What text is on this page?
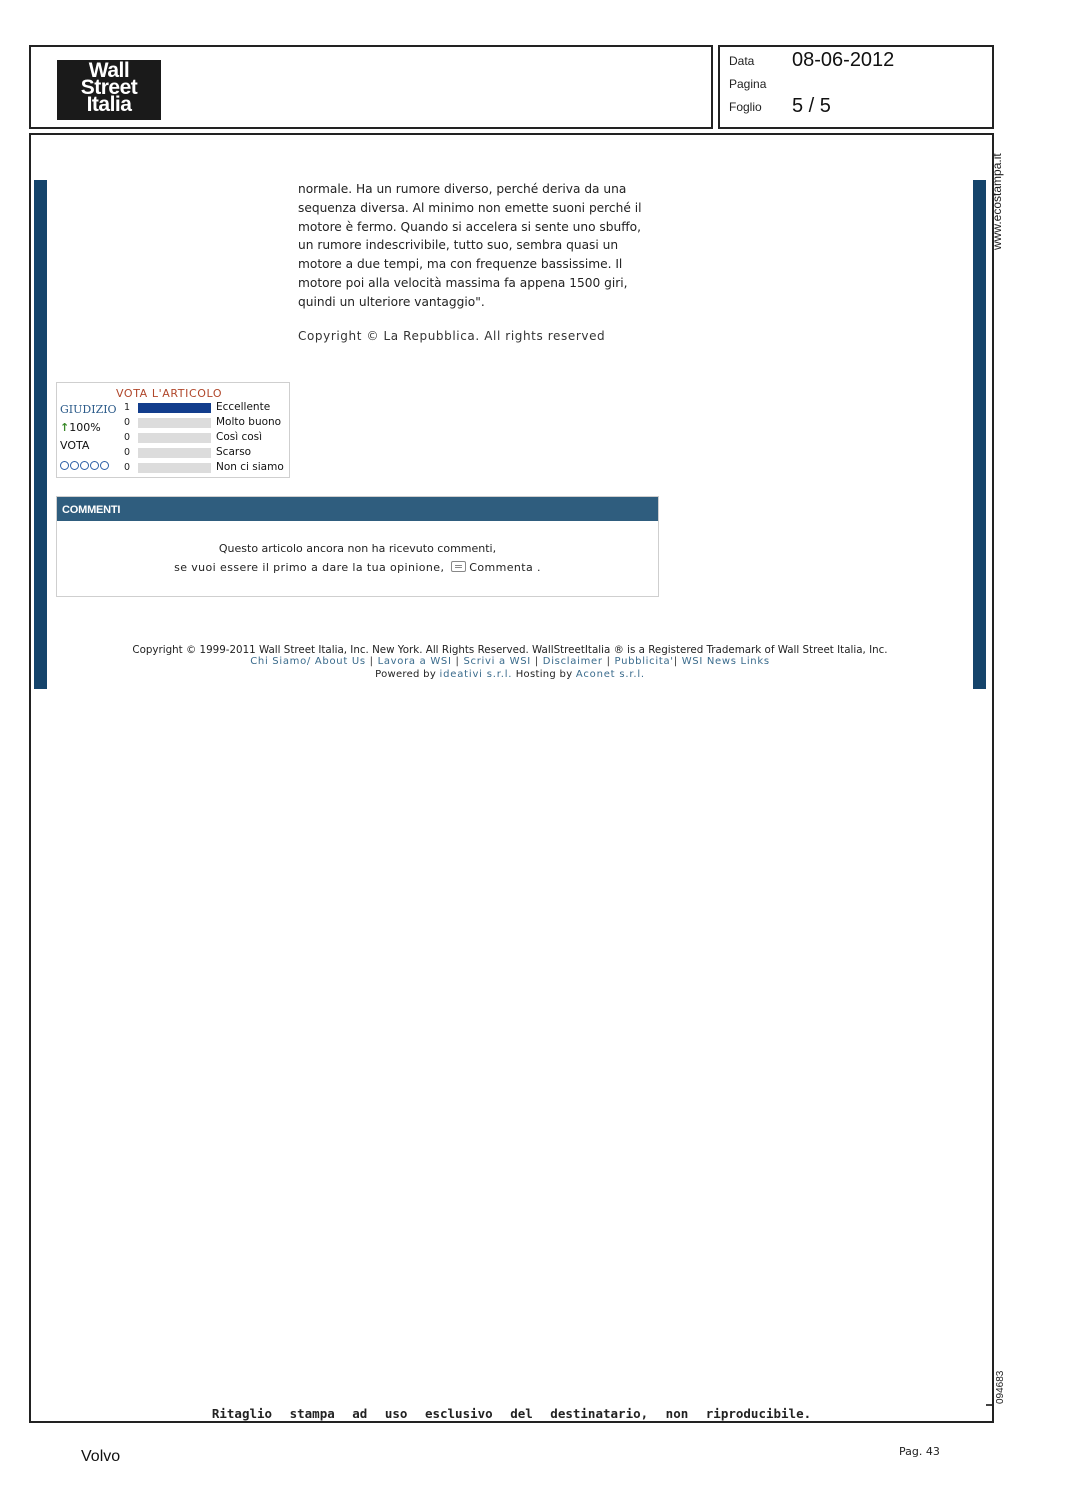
Wall
Street
Italia
Data 08-06-2012
Pagina
Foglio 5 / 5
www.ecostampa.it
094683
normale. Ha un rumore diverso, perché deriva da una
sequenza diversa. Al minimo non emette suoni perché il
motore è fermo. Quando si accelera si sente uno sbuffo,
un rumore indescrivibile, tutto suo, sembra quasi un
motore a due tempi, ma con frequenze bassissime. Il
motore poi alla velocità massima fa appena 1500 giri,
quindi un ulteriore vantaggio".
Copyright © La Repubblica. All rights reserved
VOTA L'ARTICOLO
GIUDIZIO
↑100%
VOTA
1	Eccellente
0	Molto buono
0	Così così
0	Scarso
0	Non ci siamo
COMMENTI
Questo articolo ancora non ha ricevuto commenti,
se vuoi essere il primo a dare la tua opinione, Commenta .
Copyright © 1999-2011 Wall Street Italia, Inc. New York. All Rights Reserved. WallStreetItalia ® is a Registered Trademark of Wall Street Italia, Inc.
Chi Siamo/ About Us | Lavora a WSI | Scrivi a WSI | Disclaimer | Pubblicita'| WSI News Links
Powered by ideativi s.r.l. Hosting by Aconet s.r.l.
Ritaglio stampa ad uso esclusivo del destinatario, non riproducibile.
Volvo	Pag. 43
